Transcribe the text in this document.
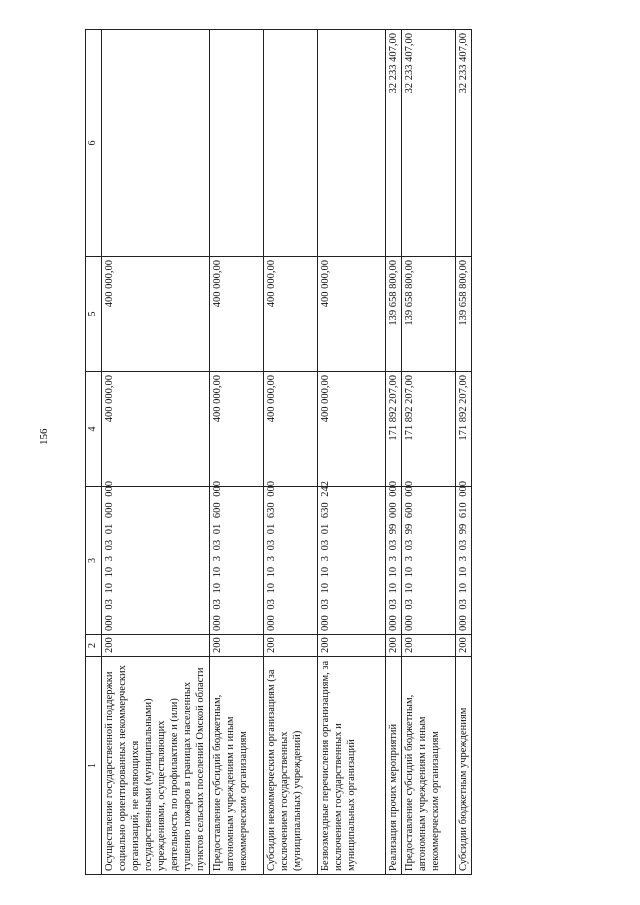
156
1	2	3	4	5	6
Осуществление государственной поддержки социально ориентированных некоммерческих организаций, не являющихся государственными (муниципальными) учреждениями, осуществляющих деятельность по профилактике и (или) тушению пожаров в границах населенных пунктов сельских поселений Омской области	200	000 03 10 10 3 03 01 000 000	400 000,00	400 000,00	
Предоставление субсидий бюджетным, автономным учреждениям и иным некоммерческим организациям	200	000 03 10 10 3 03 01 600 000	400 000,00	400 000,00	
Субсидии некоммерческим организациям (за исключением государственных (муниципальных) учреждений)	200	000 03 10 10 3 03 01 630 000	400 000,00	400 000,00	
Безвозмездные перечисления организациям, за исключением государственных и муниципальных организаций	200	000 03 10 10 3 03 01 630 242	400 000,00	400 000,00	
Реализация прочих мероприятий	200	000 03 10 10 3 03 99 000 000	171 892 207,00	139 658 800,00	32 233 407,00
Предоставление субсидий бюджетным, автономным учреждениям и иным некоммерческим организациям	200	000 03 10 10 3 03 99 600 000	171 892 207,00	139 658 800,00	32 233 407,00
Субсидии бюджетным учреждениям	200	000 03 10 10 3 03 99 610 000	171 892 207,00	139 658 800,00	32 233 407,00
